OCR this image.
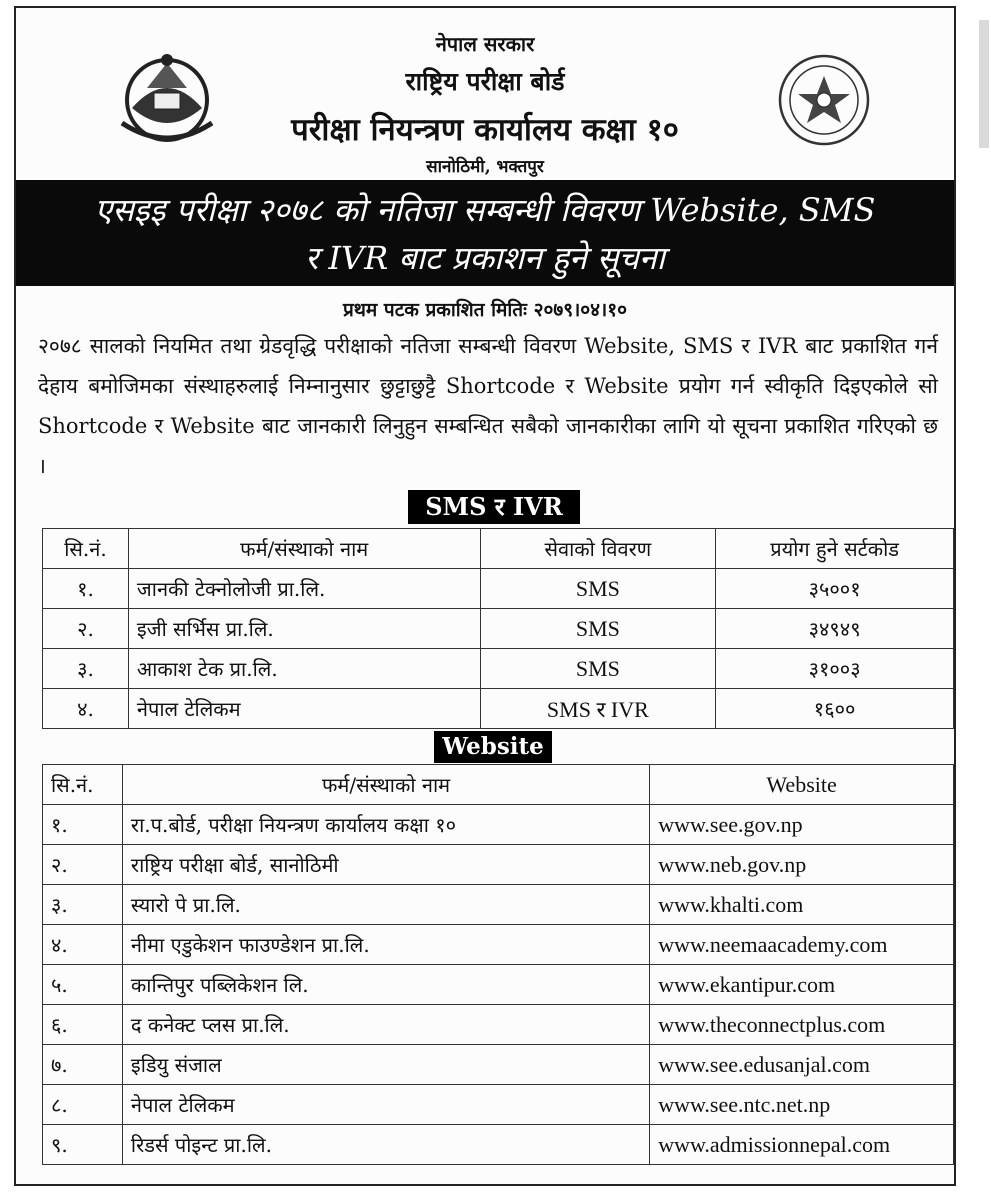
नेपाल सरकार
राष्ट्रिय परीक्षा बोर्ड
परीक्षा नियन्त्रण कार्यालय कक्षा १०
सानोठिमी, भक्तपुर
एसइइ परीक्षा २०७८ को नतिजा सम्बन्धी विवरण Website, SMS
र IVR बाट प्रकाशन हुने सूचना
प्रथम पटक प्रकाशित मितिः २०७९।०४।१०

२०७८ सालको नियमित तथा ग्रेडवृद्धि परीक्षाको नतिजा सम्बन्धी विवरण Website, SMS र IVR बाट प्रकाशित गर्न देहाय बमोजिमका संस्थाहरुलाई निम्नानुसार छुट्टाछुट्टै Shortcode र Website प्रयोग गर्न स्वीकृति दिइएकोले सो Shortcode र Website बाट जानकारी लिनुहुन सम्बन्धित सबैको जानकारीका लागि यो सूचना प्रकाशित गरिएको छ ।

SMS र IVR
सि.नं.	फर्म/संस्थाको नाम	सेवाको विवरण	प्रयोग हुने सर्टकोड
१.	जानकी टेक्नोलोजी प्रा.लि.	SMS	३५००१
२.	इजी सर्भिस प्रा.लि.	SMS	३४९४९
३.	आकाश टेक प्रा.लि.	SMS	३१००३
४.	नेपाल टेलिकम	SMS र IVR	१६००
Website
सि.नं.	फर्म/संस्थाको नाम	Website
१.	रा.प.बोर्ड, परीक्षा नियन्त्रण कार्यालय कक्षा १०	www.see.gov.np
२.	राष्ट्रिय परीक्षा बोर्ड, सानोठिमी	www.neb.gov.np
३.	स्यारो पे प्रा.लि.	www.khalti.com
४.	नीमा एडुकेशन फाउण्डेशन प्रा.लि.	www.neemaacademy.com
५.	कान्तिपुर पब्लिकेशन लि.	www.ekantipur.com
६.	द कनेक्ट प्लस प्रा.लि.	www.theconnectplus.com
७.	इडियु संजाल	www.see.edusanjal.com
८.	नेपाल टेलिकम	www.see.ntc.net.np
९.	रिडर्स पोइन्ट प्रा.लि.	www.admissionnepal.com
